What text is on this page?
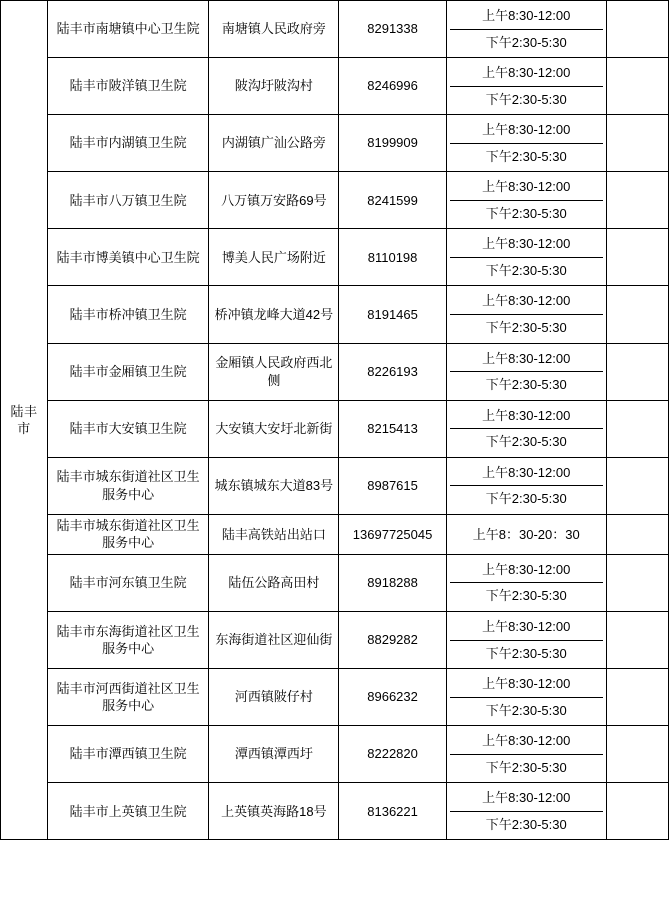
陆丰市	陆丰市南塘镇中心卫生院	南塘镇人民政府旁	8291338	上午8:30-12:00
下午2:30-5:30	

	陆丰市陂洋镇卫生院	陂沟圩陂沟村	8246996	上午8:30-12:00
下午2:30-5:30	

	陆丰市内湖镇卫生院	内湖镇广汕公路旁	8199909	上午8:30-12:00
下午2:30-5:30	

	陆丰市八万镇卫生院	八万镇万安路69号	8241599	上午8:30-12:00
下午2:30-5:30	

	陆丰市博美镇中心卫生院	博美人民广场附近	8110198	上午8:30-12:00
下午2:30-5:30	

	陆丰市桥冲镇卫生院	桥冲镇龙峰大道42号	8191465	上午8:30-12:00
下午2:30-5:30	

	陆丰市金厢镇卫生院	金厢镇人民政府西北侧	8226193	上午8:30-12:00
下午2:30-5:30	

	陆丰市大安镇卫生院	大安镇大安圩北新街	8215413	上午8:30-12:00
下午2:30-5:30	

	陆丰市城东街道社区卫生服务中心	城东镇城东大道83号	8987615	上午8:30-12:00
下午2:30-5:30	

	陆丰市城东街道社区卫生服务中心	陆丰高铁站出站口	13697725045	上午8：30-20：30	

	陆丰市河东镇卫生院	陆伍公路高田村	8918288	上午8:30-12:00
下午2:30-5:30	

	陆丰市东海街道社区卫生服务中心	东海街道社区迎仙街	8829282	上午8:30-12:00
下午2:30-5:30	

	陆丰市河西街道社区卫生服务中心	河西镇陂仔村	8966232	上午8:30-12:00
下午2:30-5:30	

	陆丰市潭西镇卫生院	潭西镇潭西圩	8222820	上午8:30-12:00
下午2:30-5:30	

	陆丰市上英镇卫生院	上英镇英海路18号	8136221	上午8:30-12:00
下午2:30-5:30	
